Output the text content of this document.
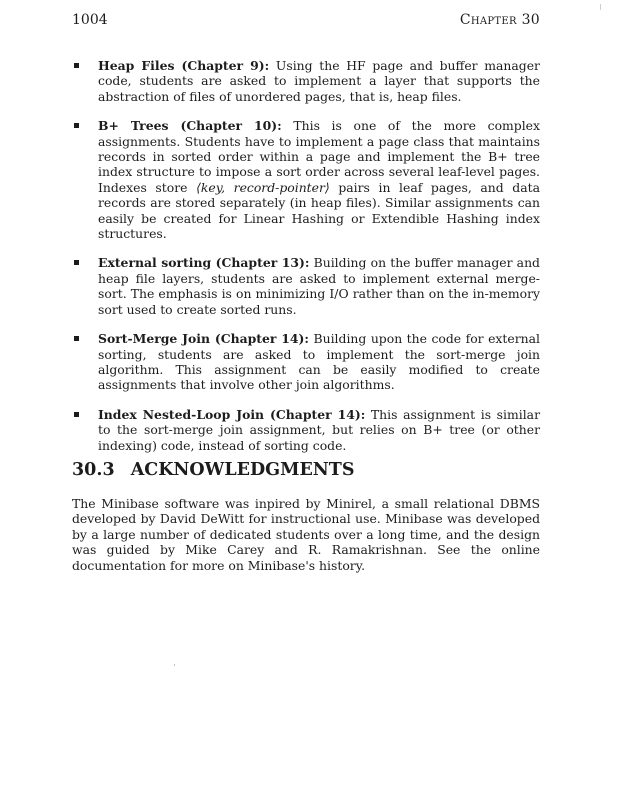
1004	Chapter 30
Heap Files (Chapter 9): Using the HF page and buffer manager code, students are asked to implement a layer that supports the abstraction of files of unordered pages, that is, heap files.
B+ Trees (Chapter 10): This is one of the more complex assignments. Students have to implement a page class that maintains records in sorted order within a page and implement the B+ tree index structure to impose a sort order across several leaf-level pages. Indexes store ⟨key, record-pointer⟩ pairs in leaf pages, and data records are stored separately (in heap files). Similar assignments can easily be created for Linear Hashing or Extendible Hashing index structures.
External sorting (Chapter 13): Building on the buffer manager and heap file layers, students are asked to implement external merge-sort. The emphasis is on minimizing I/O rather than on the in-memory sort used to create sorted runs.
Sort-Merge Join (Chapter 14): Building upon the code for external sorting, students are asked to implement the sort-merge join algorithm. This assignment can be easily modified to create assignments that involve other join algorithms.
Index Nested-Loop Join (Chapter 14): This assignment is similar to the sort-merge join assignment, but relies on B+ tree (or other indexing) code, instead of sorting code.
30.3 ACKNOWLEDGMENTS

The Minibase software was inpired by Minirel, a small relational DBMS developed by David DeWitt for instructional use. Minibase was developed by a large number of dedicated students over a long time, and the design was guided by Mike Carey and R. Ramakrishnan. See the online documentation for more on Minibase's history.
